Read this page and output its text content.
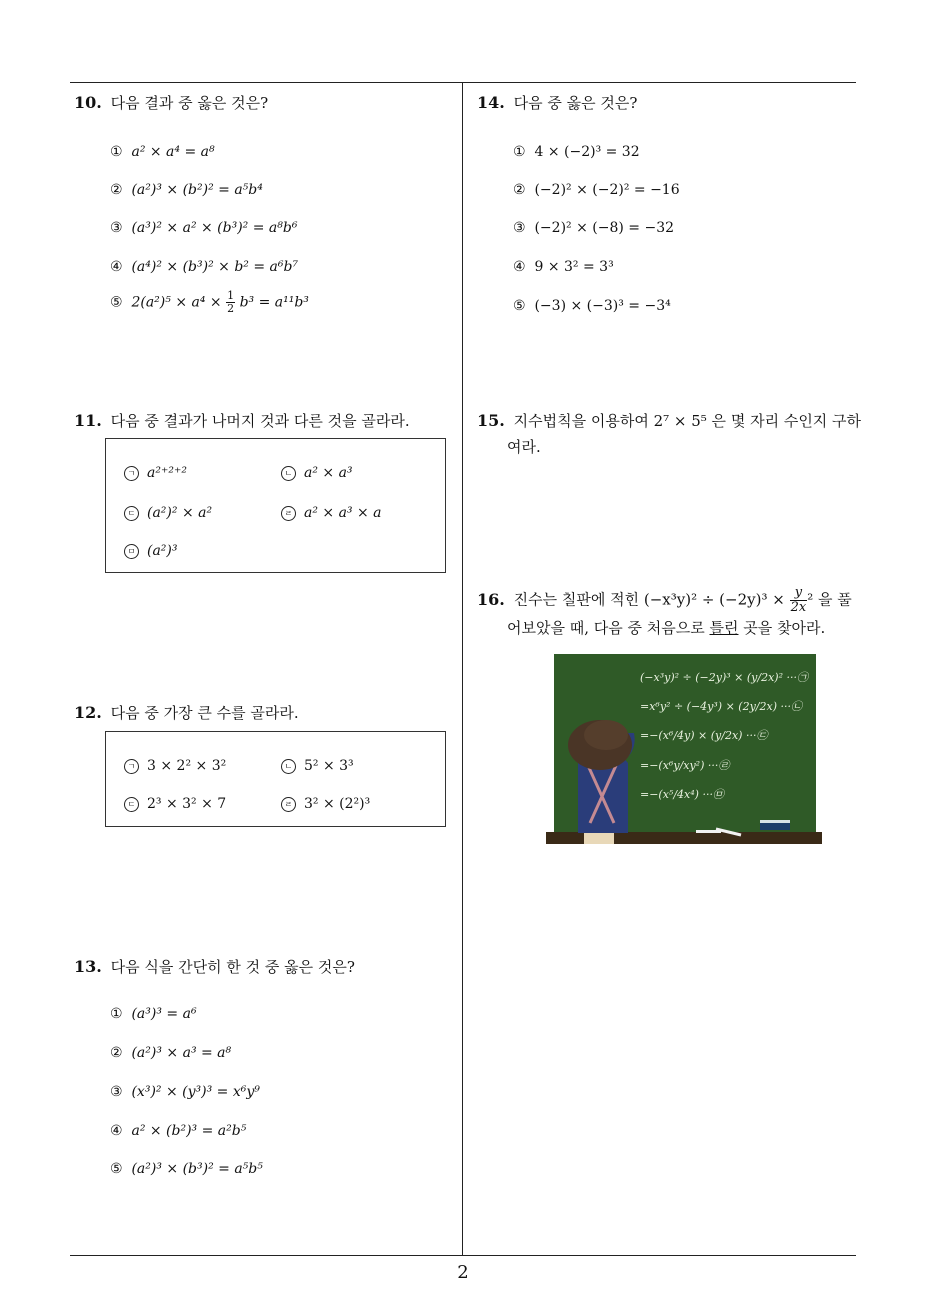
10. 다음 결과 중 옳은 것은?
① a² × a⁴ = a⁸
② (a²)³ × (b²)² = a⁵b⁴
③ (a³)² × a² × (b³)² = a⁸b⁶
④ (a⁴)² × (b³)² × b² = a⁶b⁷
⑤ $2(a^2)^5 \times a^4 \times \frac{1}{2} b^3 = a^{11}b^3$
11. 다음 중 결과가 나머지 것과 다른 것을 골라라.
ㄱ a²⁺²⁺²	ㄴ a² × a³
ㄷ (a²)² × a²	ㄹ a² × a³ × a
ㅁ (a²)³
12. 다음 중 가장 큰 수를 골라라.
ㄱ 3 × 2² × 3²	ㄴ 5² × 3³
ㄷ 2³ × 3² × 7	ㄹ 3² × (2²)³
13. 다음 식을 간단히 한 것 중 옳은 것은?
① (a³)³ = a⁶
② (a²)³ × a³ = a⁸
③ (x³)² × (y³)³ = x⁶y⁹
④ a² × (b²)³ = a²b⁵
⑤ (a²)³ × (b³)² = a⁵b⁵
14. 다음 중 옳은 것은?
① 4 × (−2)³ = 32
② (−2)² × (−2)² = −16
③ (−2)² × (−8) = −32
④ 9 × 3² = 3³
⑤ (−3) × (−3)³ = −3⁴
15. 지수법칙을 이용하여 2⁷ × 5⁵ 은 몇 자리 수인지 구하
여라.
16. 진수는 칠판에 적힌 $(-x^3y)^2 \div (-2y)^3 \times \frac{y}{2x} ^2$ 을 풀
어보았을 때, 다음 중 처음으로 틀린 곳을 찾아라.
(−x³y)² ÷ (−2y)³ × (y/2x)² ···㉠
=x⁶y² ÷ (−4y³) × (2y/2x) ···㉡
=−(x⁶/4y) × (y/2x) ···㉢
=−(x⁶y/xy²) ···㉣
=−(x⁵/4x⁴) ···㉤
2
